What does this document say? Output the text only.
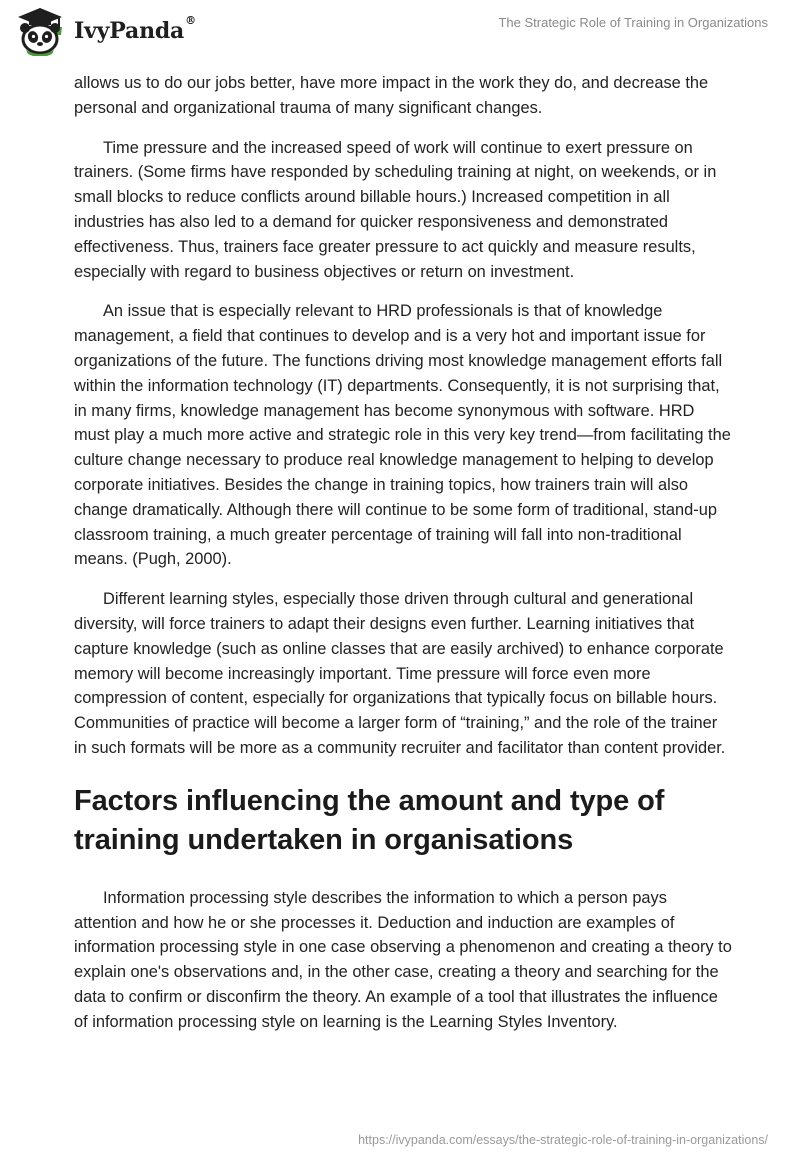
IvyPanda®	The Strategic Role of Training in Organizations

allows us to do our jobs better, have more impact in the work they do, and decrease the personal and organizational trauma of many significant changes.

Time pressure and the increased speed of work will continue to exert pressure on trainers. (Some firms have responded by scheduling training at night, on weekends, or in small blocks to reduce conflicts around billable hours.) Increased competition in all industries has also led to a demand for quicker responsiveness and demonstrated effectiveness. Thus, trainers face greater pressure to act quickly and measure results, especially with regard to business objectives or return on investment.

An issue that is especially relevant to HRD professionals is that of knowledge management, a field that continues to develop and is a very hot and important issue for organizations of the future. The functions driving most knowledge management efforts fall within the information technology (IT) departments. Consequently, it is not surprising that, in many firms, knowledge management has become synonymous with software. HRD must play a much more active and strategic role in this very key trend—from facilitating the culture change necessary to produce real knowledge management to helping to develop corporate initiatives. Besides the change in training topics, how trainers train will also change dramatically. Although there will continue to be some form of traditional, stand-up classroom training, a much greater percentage of training will fall into non-traditional means. (Pugh, 2000).

Different learning styles, especially those driven through cultural and generational diversity, will force trainers to adapt their designs even further. Learning initiatives that capture knowledge (such as online classes that are easily archived) to enhance corporate memory will become increasingly important. Time pressure will force even more compression of content, especially for organizations that typically focus on billable hours. Communities of practice will become a larger form of “training,” and the role of the trainer in such formats will be more as a community recruiter and facilitator than content provider.

Factors influencing the amount and type of training undertaken in organisations

Information processing style describes the information to which a person pays attention and how he or she processes it. Deduction and induction are examples of information processing style in one case observing a phenomenon and creating a theory to explain one's observations and, in the other case, creating a theory and searching for the data to confirm or disconfirm the theory. An example of a tool that illustrates the influence of information processing style on learning is the Learning Styles Inventory.

https://ivypanda.com/essays/the-strategic-role-of-training-in-organizations/
